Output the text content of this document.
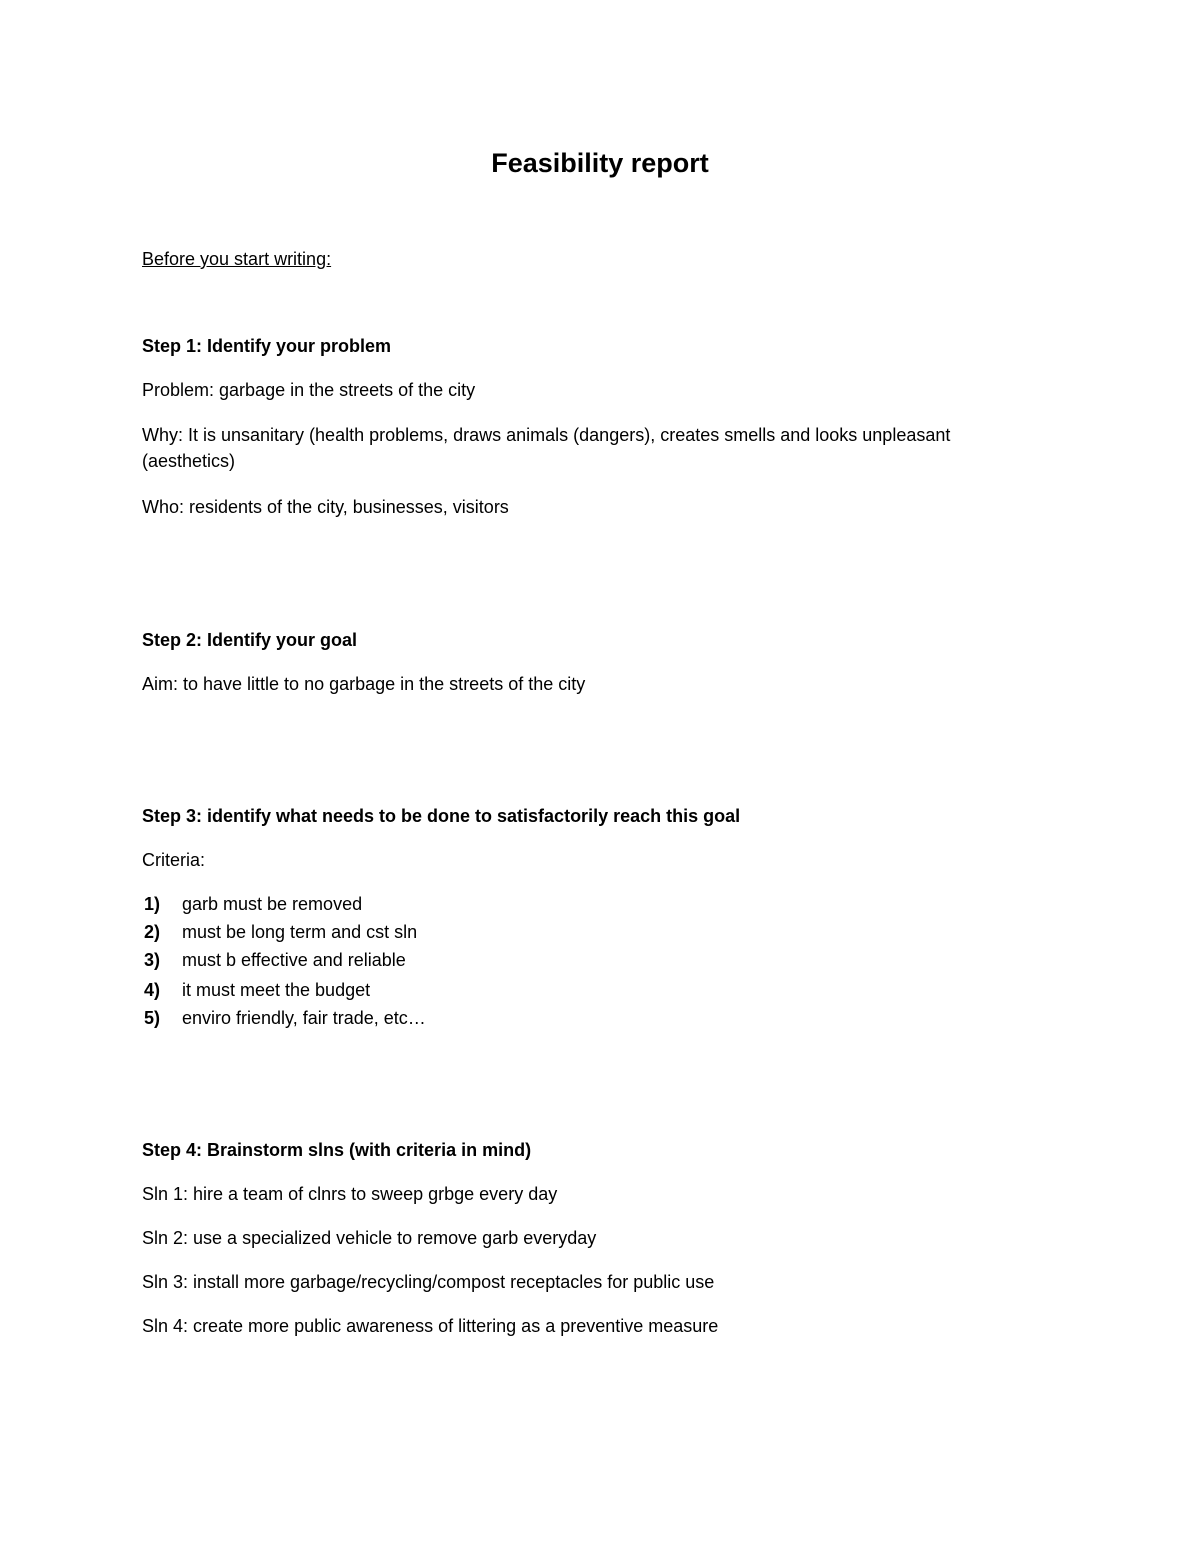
Feasibility report
Before you start writing:
Step 1: Identify your problem
Problem: garbage in the streets of the city
Why: It is unsanitary (health problems, draws animals (dangers), creates smells and looks unpleasant (aesthetics)
Who: residents of the city, businesses, visitors
Step 2: Identify your goal
Aim: to have little to no garbage in the streets of the city
Step 3: identify what needs to be done to satisfactorily reach this goal
Criteria:
1) garb must be removed
2) must be long term and cst sln
3) must b effective and reliable
4) it must meet the budget
5) enviro friendly, fair trade, etc…
Step 4: Brainstorm slns (with criteria in mind)
Sln 1: hire a team of clnrs to sweep grbge every day
Sln 2: use a specialized vehicle to remove garb everyday
Sln 3: install more garbage/recycling/compost receptacles for public use
Sln 4: create more public awareness of littering as a preventive measure
